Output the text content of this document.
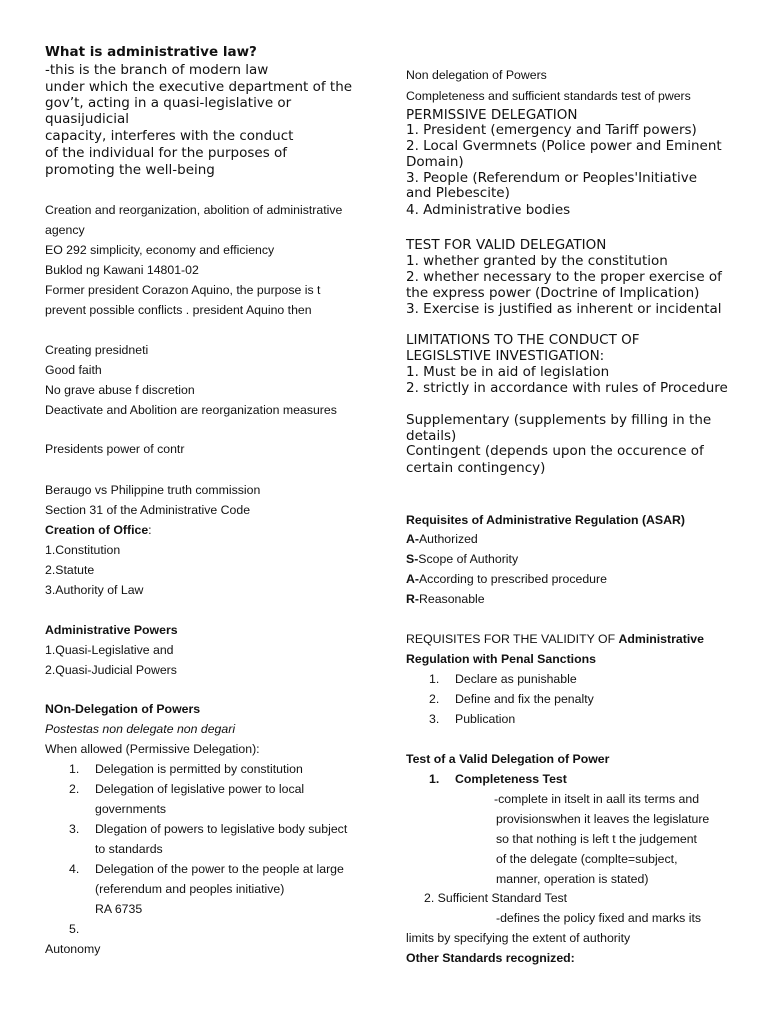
What is administrative law?
-this is the branch of modern law
under which the executive department of the
gov’t, acting in a quasi-legislative or
quasijudicial
capacity, interferes with the conduct
of the individual for the purposes of
promoting the well-being
Creation and reorganization, abolition of administrative
agency
EO 292 simplicity, economy and efficiency
Buklod ng Kawani 14801-02
Former president Corazon Aquino, the purpose is t
prevent possible conflicts . president Aquino then
Creating presidneti
Good faith
No grave abuse f discretion
Deactivate and Abolition are reorganization measures
Presidents power of contr
Beraugo vs Philippine truth commission
Section 31 of the Administrative Code
Creation of Office:
1.Constitution
2.Statute
3.Authority of Law
Administrative Powers
1.Quasi-Legislative and
2.Quasi-Judicial Powers
NOn-Delegation of Powers
Postestas non delegate non degari
When allowed (Permissive Delegation):
1. Delegation is permitted by constitution
2. Delegation of legislative power to local
governments
3. Dlegation of powers to legislative body subject
to standards
4. Delegation of the power to the people at large
(referendum and peoples initiative)
RA 6735
5.
Autonomy
Non delegation of Powers
Completeness and sufficient standards test of pwers
PERMISSIVE DELEGATION
1. President (emergency and Tariff powers)
2. Local Gvermnets (Police power and Eminent
Domain)
3. People (Referendum or Peoples'Initiative
and Plebescite)
4. Administrative bodies
TEST FOR VALID DELEGATION
1. whether granted by the constitution
2. whether necessary to the proper exercise of
the express power (Doctrine of Implication)
3. Exercise is justified as inherent or incidental
LIMITATIONS TO THE CONDUCT OF
LEGISLSTIVE INVESTIGATION:
1. Must be in aid of legislation
2. strictly in accordance with rules of Procedure
Supplementary (supplements by filling in the
details)
Contingent (depends upon the occurence of
certain contingency)
Requisites of Administrative Regulation (ASAR)
A-Authorized
S-Scope of Authority
A-According to prescribed procedure
R-Reasonable
REQUISITES FOR THE VALIDITY OF Administrative
Regulation with Penal Sanctions
1. Declare as punishable
2. Define and fix the penalty
3. Publication
Test of a Valid Delegation of Power
1. Completeness Test
-complete in itselt in aall its terms and
provisionswhen it leaves the legislature
so that nothing is left t the judgement
of the delegate (complte=subject,
manner, operation is stated)
2. Sufficient Standard Test
-defines the policy fixed and marks its
limits by specifying the extent of authority
Other Standards recognized:
